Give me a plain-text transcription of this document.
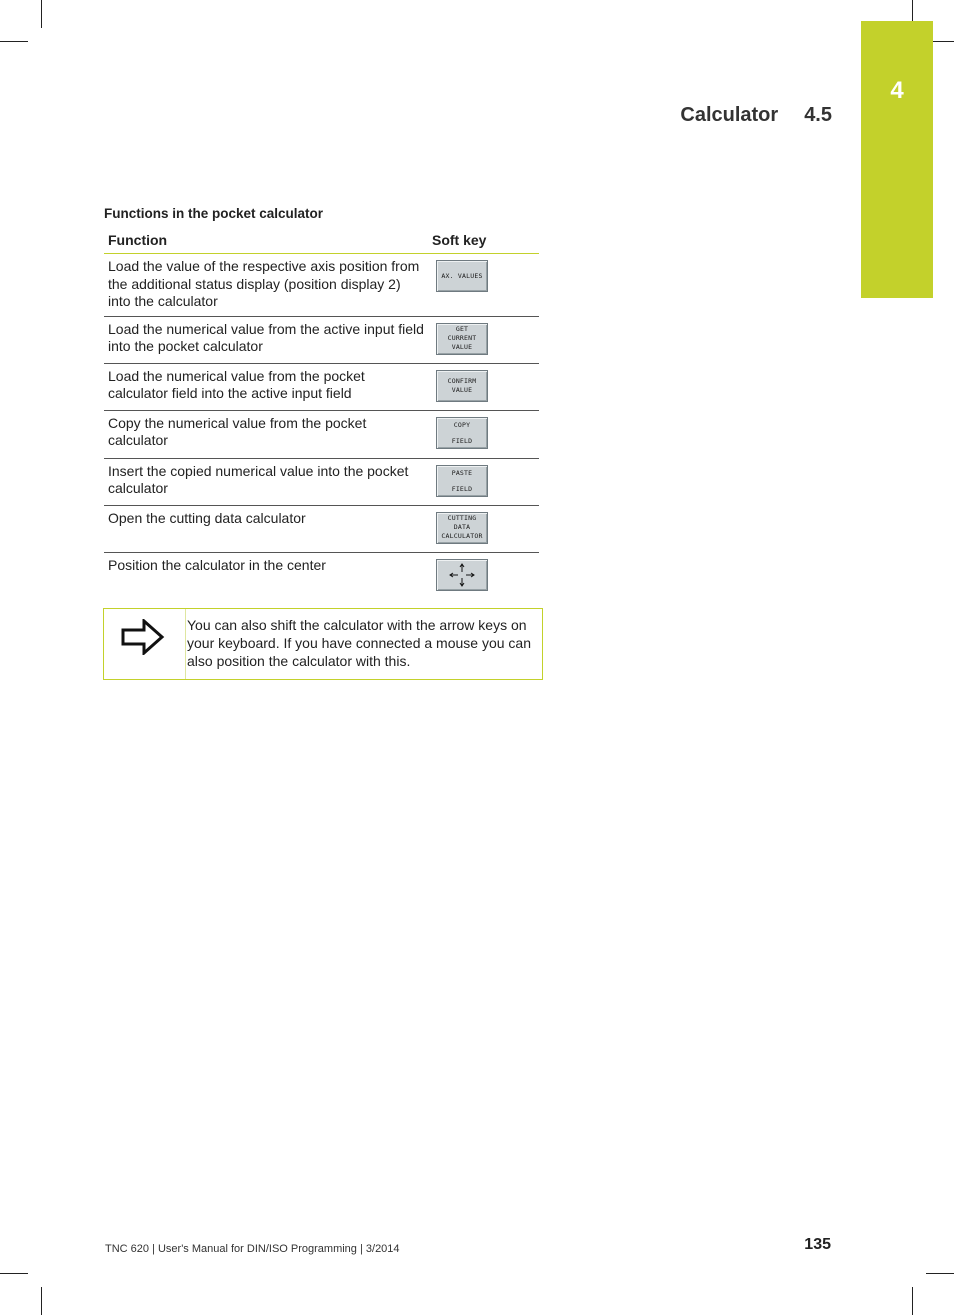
4
Calculator 4.5
Functions in the pocket calculator
Function	Soft key
Load the value of the respective axis position from the additional status display (position display 2) into the calculator	AX. VALUES

Load the numerical value from the active input field into the pocket calculator	GET
CURRENT
VALUE

Load the numerical value from the pocket calculator field into the active input field	CONFIRM
VALUE

Copy the numerical value from the pocket calculator	COPY
FIELD

Insert the copied numerical value into the pocket calculator	PASTE
FIELD

Open the cutting data calculator	CUTTING
DATA
CALCULATOR

Position the calculator in the center	
You can also shift the calculator with the arrow keys on your keyboard. If you have connected a mouse you can also position the calculator with this.
TNC 620 | User's Manual for DIN/ISO Programming | 3/2014	135
